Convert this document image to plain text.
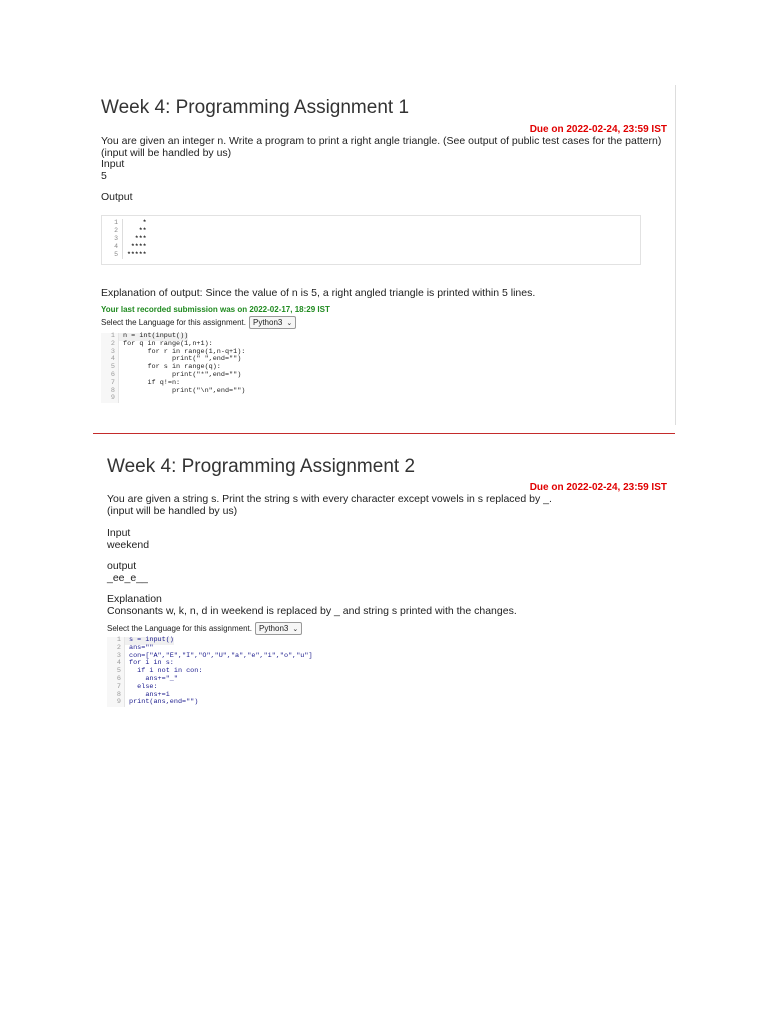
Week 4: Programming Assignment 1
Due on 2022-02-24, 23:59 IST
You are given an integer n. Write a program to print a right angle triangle. (See output of public test cases for the pattern)
(input will be handled by us)
Input
5
Output
1	*
2	**
3	***
4	****
5	*****
Explanation of output: Since the value of n is 5, a right angled triangle is printed within 5 lines.
Your last recorded submission was on 2022-02-17, 18:29 IST
Select the Language for this assignment. Python3 ⌄
1	n = int(input())
2	for q in range(1,n+1):
3	for r in range(1,n-q+1):
4	print(" ",end="")
5	for s in range(q):
6	print("*",end="")
7	if q!=n:
8	print("\n",end="")
9
Week 4: Programming Assignment 2
Due on 2022-02-24, 23:59 IST
You are given a string s. Print the string s with every character except vowels in s replaced by _.
(input will be handled by us)
Input
weekend
output
_ee_e__
Explanation
Consonants w, k, n, d in weekend is replaced by _ and string s printed with the changes.
Select the Language for this assignment. Python3 ⌄
1	s = input()
2	ans=""
3	con=["A","E","I","O","U","a","e","i","o","u"]
4	for i in s:
5	if i not in con:
6	ans+="_"
7	else:
8	ans+=i
9	print(ans,end="")
